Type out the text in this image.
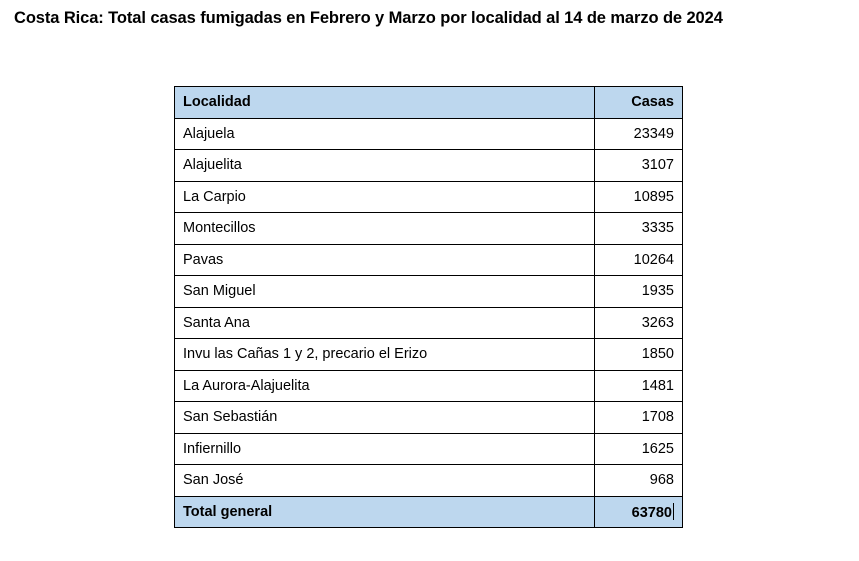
Costa Rica: Total casas fumigadas en Febrero y Marzo por localidad al 14 de marzo de 2024
Localidad	Casas
Alajuela	23349
Alajuelita	3107
La Carpio	10895
Montecillos	3335
Pavas	10264
San Miguel	1935
Santa Ana	3263
Invu las Cañas 1 y 2, precario el Erizo	1850
La Aurora-Alajuelita	1481
San Sebastián	1708
Infiernillo	1625
San José	968
Total general	63780
